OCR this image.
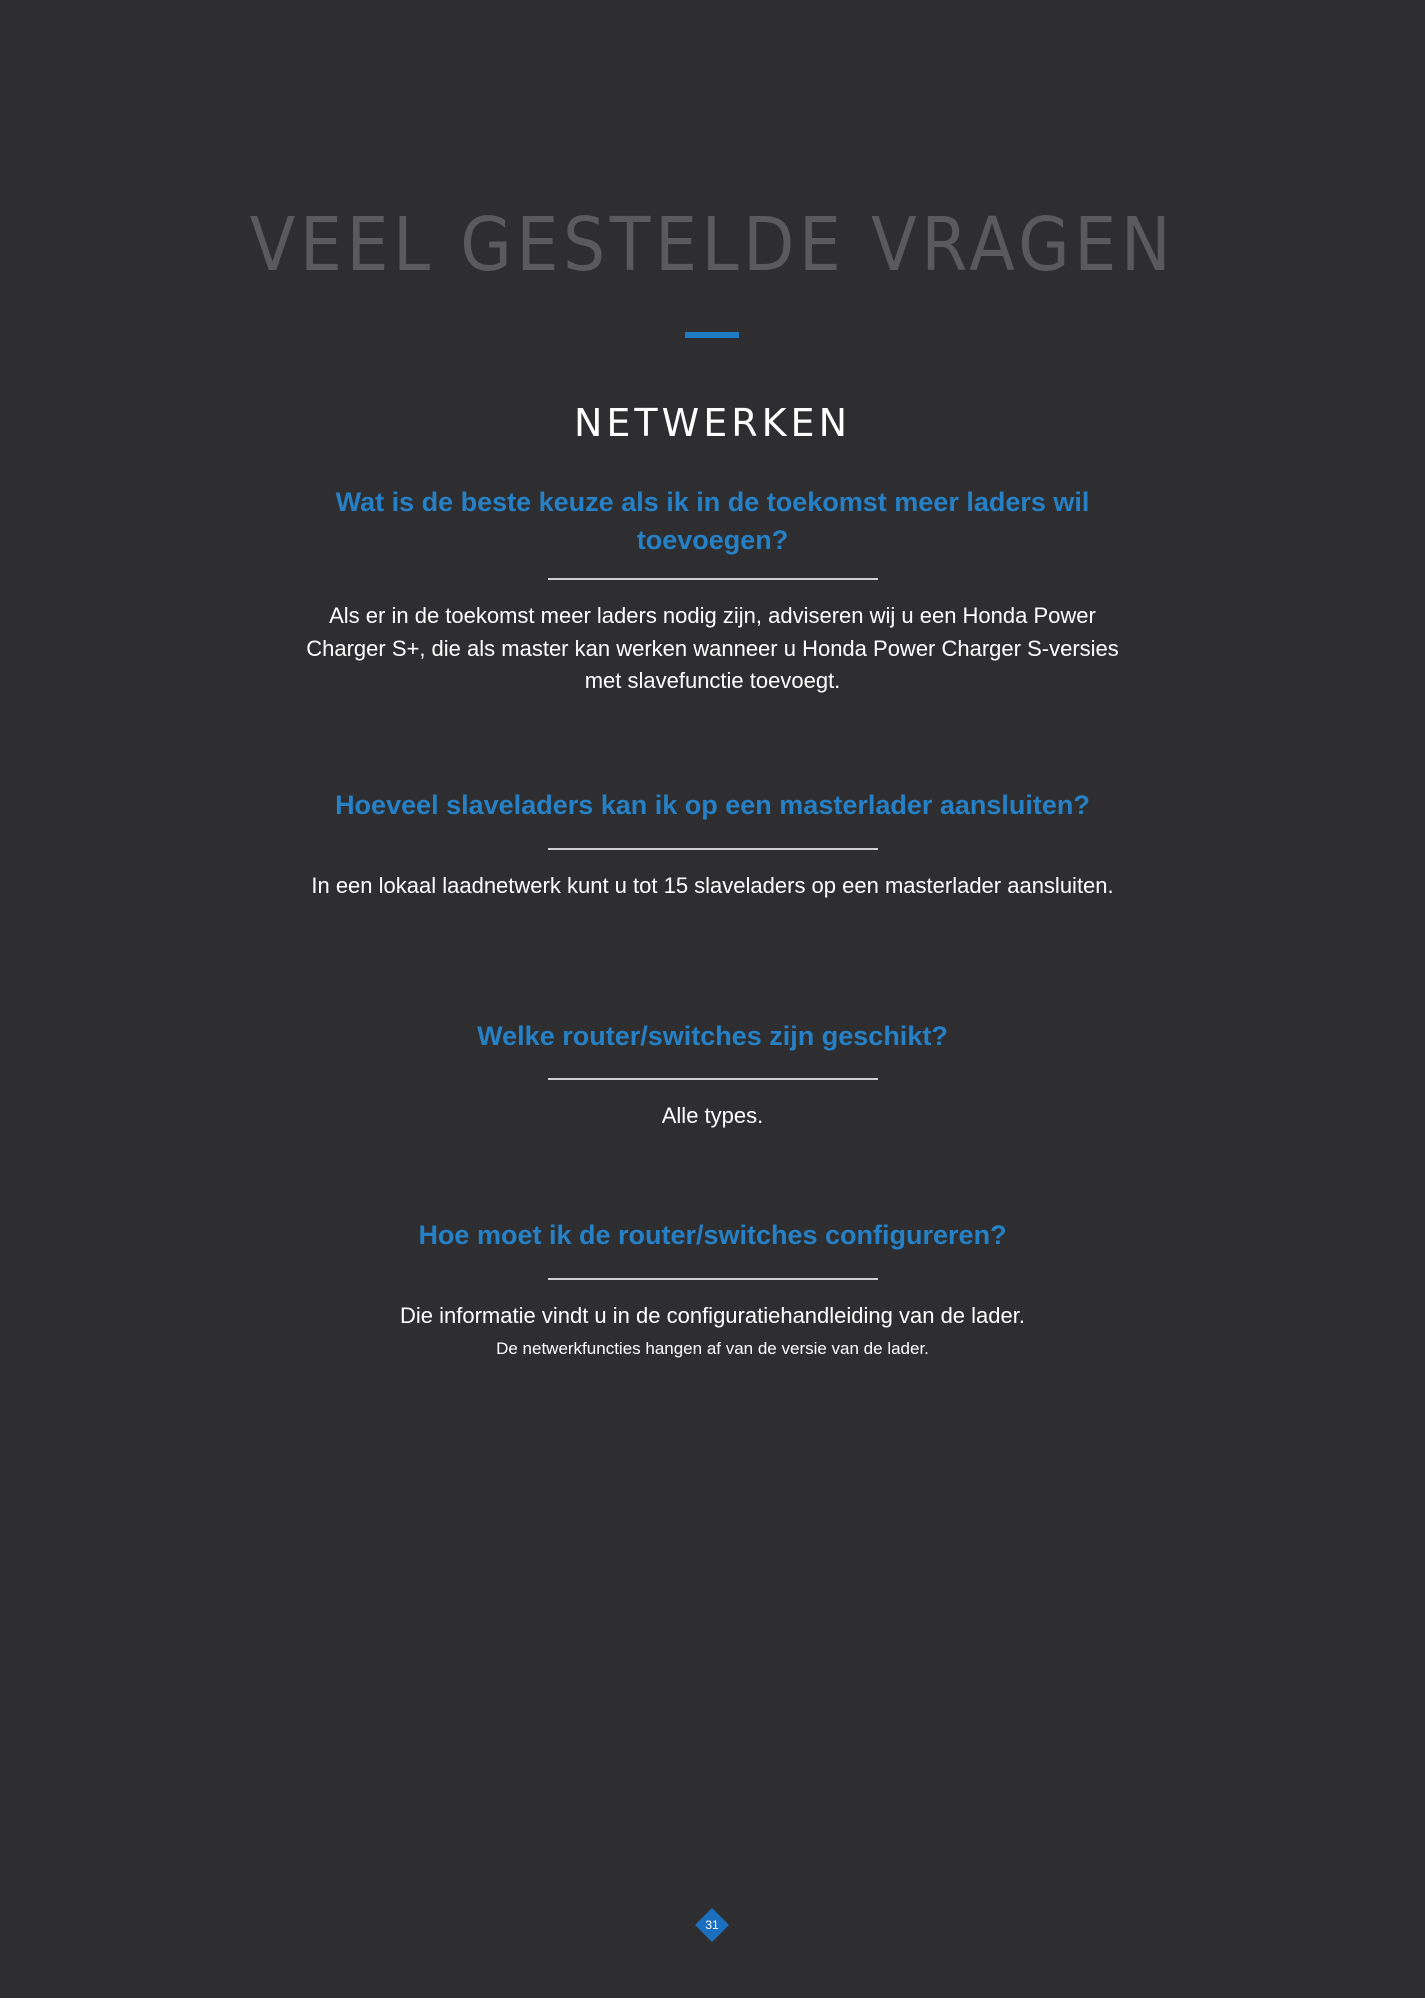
VEEL GESTELDE VRAGEN
NETWERKEN
Wat is de beste keuze als ik in de toekomst meer laders wil toevoegen?

Als er in de toekomst meer laders nodig zijn, adviseren wij u een Honda Power Charger S+, die als master kan werken wanneer u Honda Power Charger S-versies met slavefunctie toevoegt.

Hoeveel slaveladers kan ik op een masterlader aansluiten?

In een lokaal laadnetwerk kunt u tot 15 slaveladers op een masterlader aansluiten.

Welke router/switches zijn geschikt?

Alle types.

Hoe moet ik de router/switches configureren?

Die informatie vindt u in de configuratiehandleiding van de lader.

De netwerkfuncties hangen af van de versie van de lader.

31
